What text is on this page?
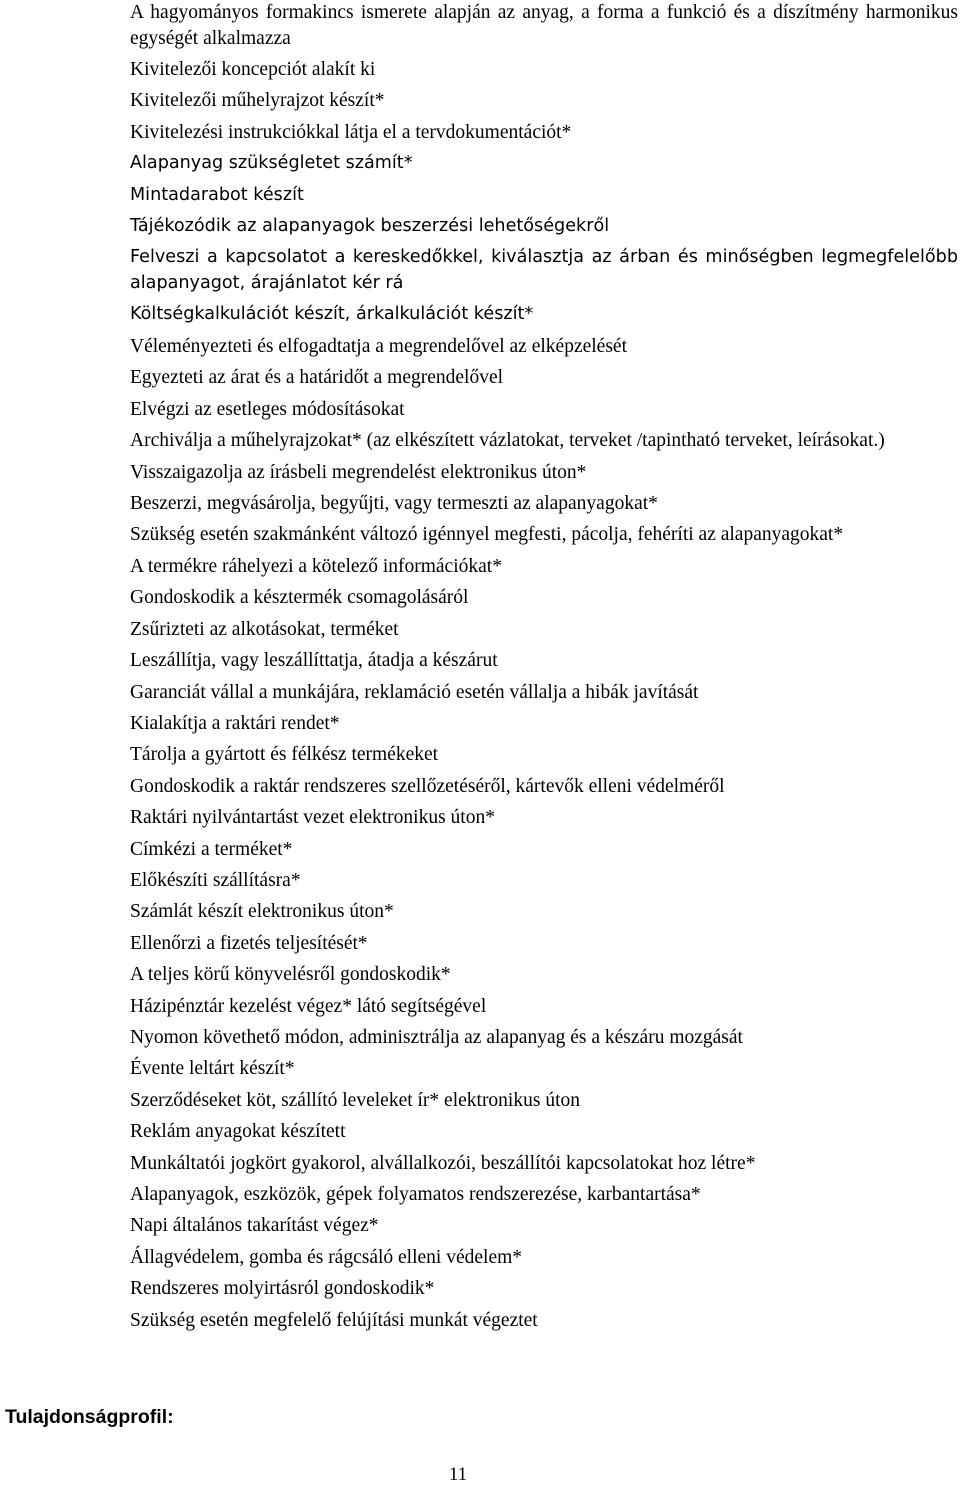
A hagyományos formakincs ismerete alapján az anyag, a forma a funkció és a díszítmény harmonikus egységét alkalmazza
Kivitelezői koncepciót alakít ki
Kivitelezői műhelyrajzot készít*
Kivitelezési instrukciókkal látja el a tervdokumentációt*
Alapanyag szükségletet számít*
Mintadarabot készít
Tájékozódik az alapanyagok beszerzési lehetőségekről
Felveszi a kapcsolatot a kereskedőkkel, kiválasztja az árban és minőségben legmegfelelőbb alapanyagot, árajánlatot kér rá
Költségkalkulációt készít, árkalkulációt készít*
Véleményezteti és elfogadtatja a megrendelővel az elképzelését
Egyezteti az árat és a határidőt a megrendelővel
Elvégzi az esetleges módosításokat
Archiválja a műhelyrajzokat* (az elkészített vázlatokat, terveket /tapintható terveket, leírásokat.)
Visszaigazolja az írásbeli megrendelést elektronikus úton*
Beszerzi, megvásárolja, begyűjti, vagy termeszti az alapanyagokat*
Szükség esetén szakmánként változó igénnyel megfesti, pácolja, fehéríti az alapanyagokat*
A termékre ráhelyezi a kötelező információkat*
Gondoskodik a késztermék csomagolásáról
Zsűrizteti az alkotásokat, terméket
Leszállítja, vagy leszállíttatja, átadja a készárut
Garanciát vállal a munkájára, reklamáció esetén vállalja a hibák javítását
Kialakítja a raktári rendet*
Tárolja a gyártott és félkész termékeket
Gondoskodik a raktár rendszeres szellőzetéséről, kártevők elleni védelméről
Raktári nyilvántartást vezet elektronikus úton*
Címkézi a terméket*
Előkészíti szállításra*
Számlát készít elektronikus úton*
Ellenőrzi a fizetés teljesítését*
A teljes körű könyvelésről gondoskodik*
Házipénztár kezelést végez* látó segítségével
Nyomon követhető módon, adminisztrálja az alapanyag és a készáru mozgását
Évente leltárt készít*
Szerződéseket köt, szállító leveleket ír* elektronikus úton
Reklám anyagokat készített
Munkáltatói jogkört gyakorol, alvállalkozói, beszállítói kapcsolatokat hoz létre*
Alapanyagok, eszközök, gépek folyamatos rendszerezése, karbantartása*
Napi általános takarítást végez*
Állagvédelem, gomba és rágcsáló elleni védelem*
Rendszeres molyirtásról gondoskodik*
Szükség esetén megfelelő felújítási munkát végeztet
Tulajdonságprofil:
11
